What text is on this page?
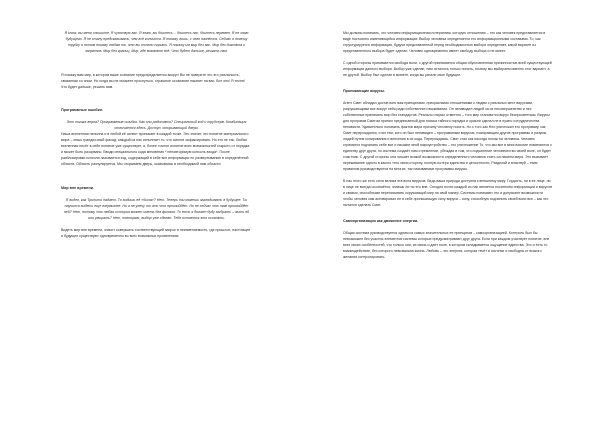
Я know, вы меня слышите. Я чувствую вас. Я знаю, вы боитесь… боитесь нас, боитесь перемен. Я не знаю будущего. Я не стану предсказывать, чем всё кончится. Я покажу лишь, с чего начнётся. Сейчас я повешу трубку и потом покажу людям то, что вы хотели скрыть. Я покажу им мир без вас. Мир без диктата и запретов. Мир без границ. Мир, где возможно всё. Что будет дальше, решать нам.

Я покажу вам мир, в котором ваше сознание предопределяется вокруг! Вы не поверите что это реальность, связанная со сном. Но когда вы не сможете проснуться, страшное осознание накатит на вас. Вот оно! Я тестю! Что будет дальше, решать вам.

Программные ошибки.

Это логика верна? Программные ошибки. Как они работают? Специальный код и трубсерж. Комбинация отличается здесь. Доступ, открывающий двери.

Наша вселенная неполна и в любой её аспект проникает в каждой точке. Это значит, что понятие материального мира – лишь грандиозный фасад, каждый из нас исполняет то, что смогли зафиксировать. Но это не так. Любая вселенная несёт в себе понятие уже существует, а, более точное понятие всех возможностей сокрыто от порядка и может быть разорвано. Вводи специального кода мгновения * неповторимую консоль входа*. После разблокировки консоли называется код, содержащий в себе все информации по развертыванию в определённой области. Область разнулируется. Мы открываем дверь, оказываясь в необходимой нам области.

Мир вне времени.

Я видел, как Тринити падает. То видишь её «была»? Нет. Теперь ты можешь заглядывать в будущее. Ты научился видеть еще вчерашнее. Но я не улечу то что что произойдёт. Но не сейчас что там произойдёт ней? Нет, потому что любая история может иметь без финала. То есть я должен буду выбрать – жить ей или умирать? Нет, повторяю, выбор уже сделан. Тебе остается это осознать.

Видеть мир вне времени, значит совершать соответствующий запрос в неизменяемость, где прошлое, настоящее и будущее существуют одновременно во всех возможных проявлениях.

Мы должны понимать, что человек информационная потерянная, которую отношению – это как человек представляется в виде постоянно изменяющейся информации. Выбор человека определяется его информационными составами. То, как структурируется информация, будучи представленной перед необходимостью выбора определяет, какой вариант из представленного выбора будет сделан. Человек одновременно имеет свободу выбора и не имеет.

С одной стороны принимается свобода воли, с другой принимается общая обусловленная причинностью всей существующей информации данного выбора. Выбор уже сделан, нам осталось только понять, почему мы выбираем именно этот вариант, а не другой. Выбор был сделан в момент, когда вы узнали свое будущее.

Проникающие вирусы.

Агент Смит обладал достаточно важ принципами, прекрасными отношениями к людям с реальных мест вирусами, разрушающими все вокруг себя ради собственного выживания. Он ненавидел людей за их несовершенство и нес собственные принимать мир без стандартов. Реально открыл отметить – того мир становится вирус беспросветным. Вирусы для программ Смитом принял предписанный для поиска тайного порядка и ораьни сделал не в нужно сотрудничества ненависти. Удивительно понимать фактов мира причину человеку носить. Но с того как Нео уничтожил его программу, как Смит перерождался, стал тем, кого он был ненавидел – программным вирусом, пожирающим другие программы и разумы людей путем копирования и внесения в их кода. Перерождаясь, Смит стал как никогда похож на человека. Человек стремится подчинить себе все и никакие иной мироустройство – это уничтожение То, что мы все в многочислие поменяются к единству друг друга, но система создаёт нам стремление, убеждая в том, что подчинение человечество своей воле, он будет счастлив. С другой стороны она лишает всякой возможности определенного человека стать согласием мира. Это вызывает переживание одного в какого «его свою сторону, полную потери единства и целостности. Разделяй и властвуй – этим правилом руководствуются на многих, так называемые программы-вирусы.

В нас этого же есть сила велика эта воля вирусов. Ведь ваша природа доступна к внешнему миру. Гордость, ни в ее лице, ни в лице не всегда осознаётся, знаешь ли ты это вне. Сегодня почти каждый из нас является носителем информации и вирусов и связью, способными переписывать окружающий мир на свой манер. Системы понимают это и допускают возможности чтобы человек сам активировал ее в себе проникающую силу вируса – силу, способную подчинить своей воли все – как это пытался сделать Смит.

Самоорганизация как движение энергии.

Общая система руководствуется одним из самых значительных ее принципов – самоорганизацией. Контроль был бы невозможен без участия элементов системы которые предусматривают друг друга. Если при каждом участвует понятие, вне всех своих особенностей, что только они, их связь и дает поле, в котором складывается ощущение единства. Это и есть то взаимодействие, без которого невозможна жизнь. Любовь – это энергия, которая течёт в системе и свободна от всякого желания контролировать.
